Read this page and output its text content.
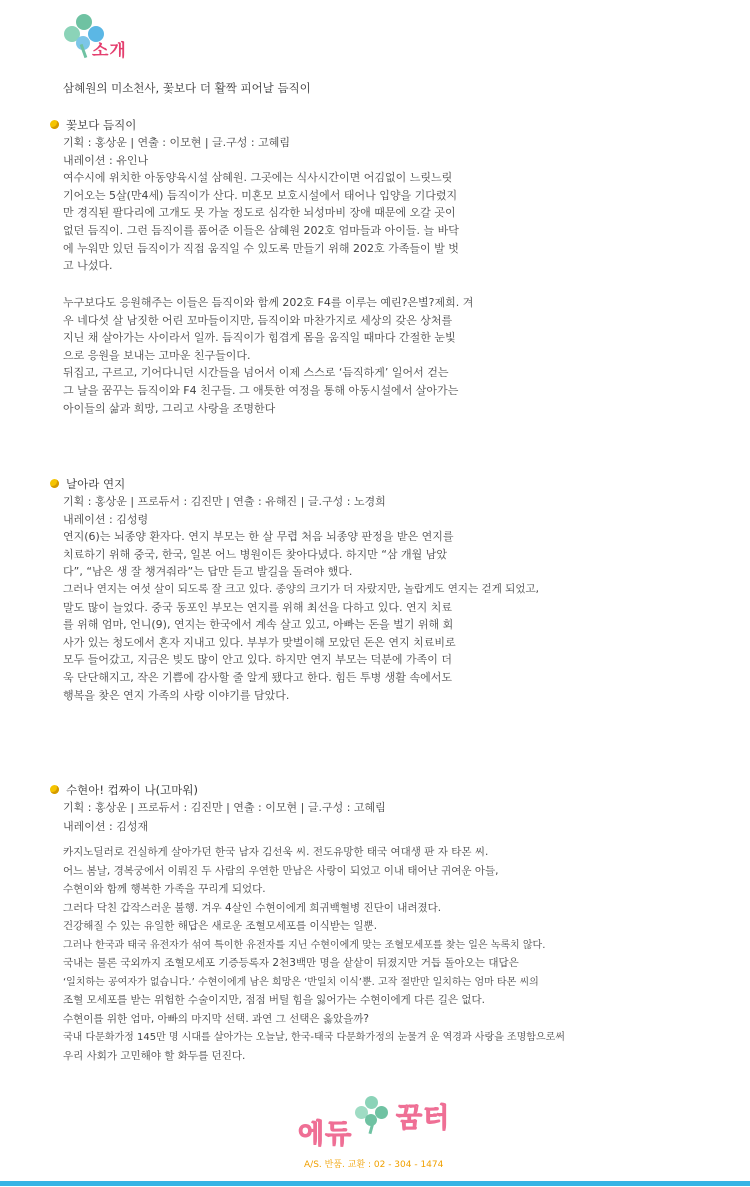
소개
삼혜원의 미소천사, 꽃보다 더 활짝 피어날 듬직이
꽃보다 듬직이
기획 : 홍상운 | 연출 : 이모현 | 글.구성 : 고혜림
내레이션 : 유인나
여수시에 위치한 아동양육시설 삼혜원. 그곳에는 식사시간이면 어김없이 느릿느릿
기어오는 5살(만4세) 듬직이가 산다. 미혼모 보호시설에서 태어나 입양을 기다렸지
만 경직된 팔다리에 고개도 못 가눌 정도로 심각한 뇌성마비 장애 때문에 오갈 곳이
없던 듬직이. 그런 듬직이를 품어준 이들은 삼혜원 202호 엄마들과 아이들. 늘 바닥
에 누워만 있던 듬직이가 직접 움직일 수 있도록 만들기 위해 202호 가족들이 발 벗
고 나섰다.
누구보다도 응원해주는 이들은 듬직이와 함께 202호 F4를 이루는 예린?은별?제희. 겨
우 네다섯 살 남짓한 어린 꼬마들이지만, 듬직이와 마찬가지로 세상의 갖은 상처를
지닌 채 살아가는 사이라서 일까. 듬직이가 힘겹게 몸을 움직일 때마다 간절한 눈빛
으로 응원을 보내는 고마운 친구들이다.
뒤집고, 구르고, 기어다니던 시간들을 넘어서 이제 스스로 ‘듬직하게’ 일어서 걷는
그 날을 꿈꾸는 듬직이와 F4 친구들. 그 애틋한 여정을 통해 아동시설에서 살아가는
아이들의 삶과 희망, 그리고 사랑을 조명한다
날아라 연지
기획 : 홍상운 | 프로듀서 : 김진만 | 연출 : 유해진 | 글.구성 : 노경희
내레이션 : 김성령
연지(6)는 뇌종양 환자다. 연지 부모는 한 살 무렵 처음 뇌종양 판정을 받은 연지를
치료하기 위해 중국, 한국, 일본 어느 병원이든 찾아다녔다. 하지만 “삼 개월 남았
다”, “남은 생 잘 챙겨줘라”는 답만 듣고 발길을 돌려야 했다.
그러나 연지는 여섯 살이 되도록 잘 크고 있다. 종양의 크기가 더 자랐지만, 놀랍게도 연지는 걷게 되었고,
말도 많이 늘었다. 중국 동포인 부모는 연지를 위해 최선을 다하고 있다. 연지 치료
를 위해 엄마, 언니(9), 연지는 한국에서 계속 살고 있고, 아빠는 돈을 벌기 위해 회
사가 있는 청도에서 혼자 지내고 있다. 부부가 맞벌이해 모았던 돈은 연지 치료비로
모두 들어갔고, 지금은 빚도 많이 안고 있다. 하지만 연지 부모는 덕분에 가족이 더
욱 단단해지고, 작은 기쁨에 감사할 줄 알게 됐다고 한다. 힘든 투병 생활 속에서도
행복을 찾은 연지 가족의 사랑 이야기를 담았다.
수현아! 컵짜이 나(고마워)
기획 : 홍상운 | 프로듀서 : 김진만 | 연출 : 이모현 | 글.구성 : 고혜림
내레이션 : 김성재
카지노딜러로 건실하게 살아가던 한국 남자 김선욱 씨. 전도유망한 태국 여대생 판 자 타몬 씨.
어느 봄날, 경복궁에서 이뤄진 두 사람의 우연한 만남은 사랑이 되었고 이내 태어난 귀여운 아들,
수현이와 함께 행복한 가족을 꾸리게 되었다.
그러다 닥친 갑작스러운 불행. 겨우 4살인 수현이에게 희귀백혈병 진단이 내려졌다.
건강해질 수 있는 유일한 해답은 새로운 조혈모세포를 이식받는 일뿐.
그러나 한국과 태국 유전자가 섞여 특이한 유전자를 지닌 수현이에게 맞는 조혈모세포를 찾는 일은 녹록치 않다.
국내는 물론 국외까지 조혈모세포 기증등록자 2천3백만 명을 샅샅이 뒤졌지만 거듭 돌아오는 대답은
‘일치하는 공여자가 없습니다.’ 수현이에게 남은 희망은 ‘반일치 이식’뿐. 고작 절반만 일치하는 엄마 타몬 씨의
조혈 모세포를 받는 위험한 수술이지만, 점점 버틸 힘을 잃어가는 수현이에게 다른 길은 없다.
수현이를 위한 엄마, 아빠의 마지막 선택. 과연 그 선택은 옳았을까?
국내 다문화가정 145만 명 시대를 살아가는 오늘날, 한국-태국 다문화가정의 눈물겨 운 역경과 사랑을 조명함으로써
우리 사회가 고민해야 할 화두를 던진다.
에듀
꿈터
A/S. 반품. 교환 : 02 - 304 - 1474
